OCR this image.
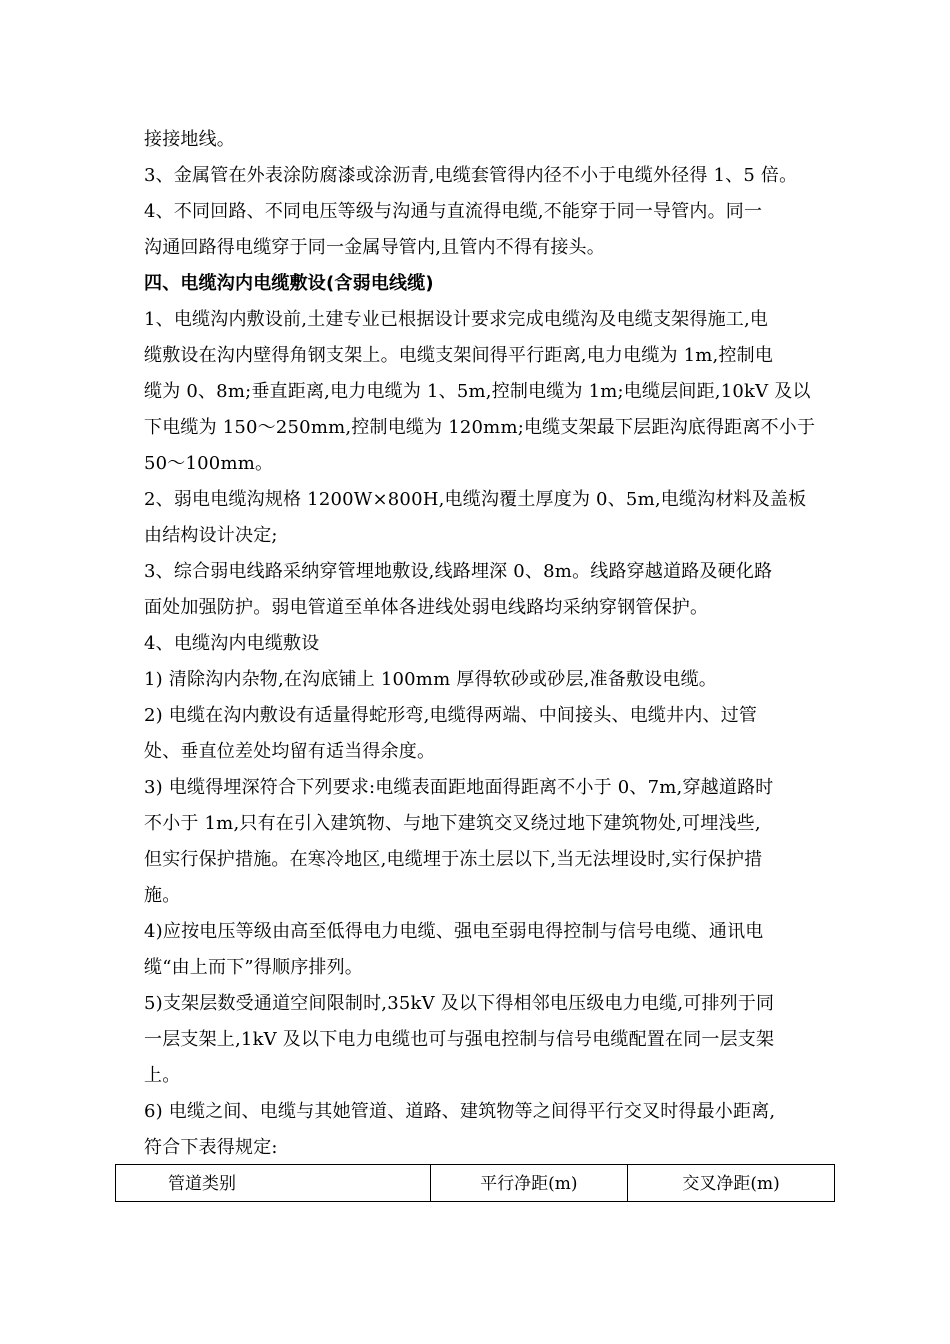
接接地线。
3、金属管在外表涂防腐漆或涂沥青,电缆套管得内径不小于电缆外径得 1、5 倍。
4、不同回路、不同电压等级与沟通与直流得电缆,不能穿于同一导管内。同一
沟通回路得电缆穿于同一金属导管内,且管内不得有接头。
四、电缆沟内电缆敷设(含弱电线缆)
1、电缆沟内敷设前,土建专业已根据设计要求完成电缆沟及电缆支架得施工,电
缆敷设在沟内壁得角钢支架上。电缆支架间得平行距离,电力电缆为 1m,控制电
缆为 0、8m;垂直距离,电力电缆为 1、5m,控制电缆为 1m;电缆层间距,10kV 及以
下电缆为 150～250mm,控制电缆为 120mm;电缆支架最下层距沟底得距离不小于
50～100mm。
2、弱电电缆沟规格 1200W×800H,电缆沟覆土厚度为 0、5m,电缆沟材料及盖板
由结构设计决定;
3、综合弱电线路采纳穿管埋地敷设,线路埋深 0、8m。线路穿越道路及硬化路
面处加强防护。弱电管道至单体各进线处弱电线路均采纳穿钢管保护。
4、电缆沟内电缆敷设
1) 清除沟内杂物,在沟底铺上 100mm 厚得软砂或砂层,准备敷设电缆。
2) 电缆在沟内敷设有适量得蛇形弯,电缆得两端、中间接头、电缆井内、过管
处、垂直位差处均留有适当得余度。
3) 电缆得埋深符合下列要求:电缆表面距地面得距离不小于 0、7m,穿越道路时
不小于 1m,只有在引入建筑物、与地下建筑交叉绕过地下建筑物处,可埋浅些,
但实行保护措施。在寒冷地区,电缆埋于冻土层以下,当无法埋设时,实行保护措
施。
4)应按电压等级由高至低得电力电缆、强电至弱电得控制与信号电缆、通讯电
缆“由上而下”得顺序排列。
5)支架层数受通道空间限制时,35kV 及以下得相邻电压级电力电缆,可排列于同
一层支架上,1kV 及以下电力电缆也可与强电控制与信号电缆配置在同一层支架
上。
6) 电缆之间、电缆与其她管道、道路、建筑物等之间得平行交叉时得最小距离,
符合下表得规定:
管道类别	平行净距(m)	交叉净距(m)
